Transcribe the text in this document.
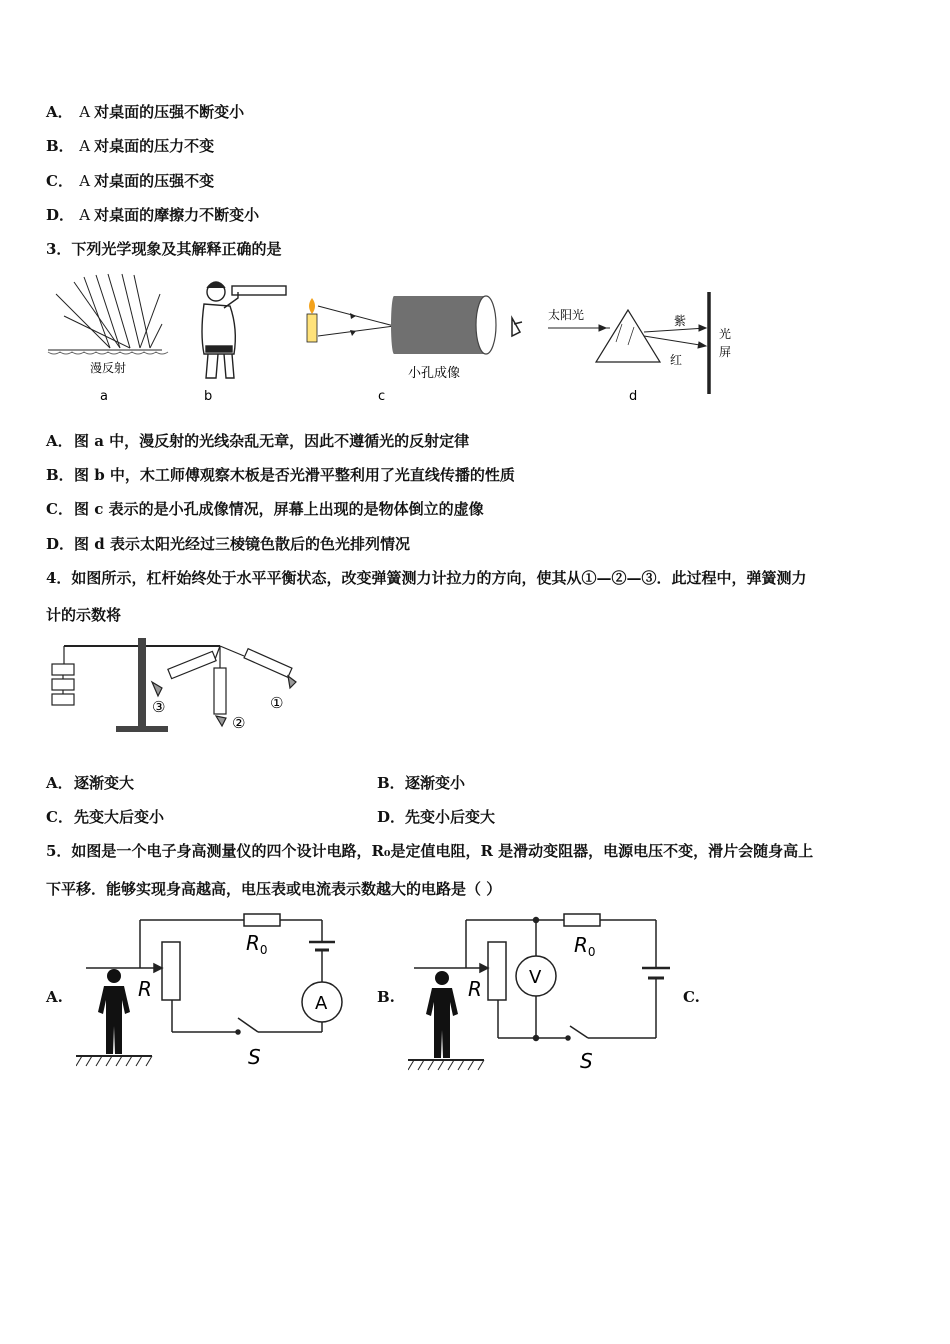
A． A 对桌面的压强不断变小
B． A 对桌面的压力不变
C． A 对桌面的压强不变
D． A 对桌面的摩擦力不断变小
3．下列光学现象及其解释正确的是
漫反射
a	b
小孔成像
c
太阳光	紫
红
光
屏
d
A．图 a 中，漫反射的光线杂乱无章，因此不遵循光的反射定律
B．图 b 中，木工师傅观察木板是否光滑平整利用了光直线传播的性质
C．图 c 表示的是小孔成像情况，屏幕上出现的是物体倒立的虚像
D．图 d 表示太阳光经过三棱镜色散后的色光排列情况
4．如图所示，杠杆始终处于水平平衡状态，改变弹簧测力计拉力的方向，使其从①—②—③．此过程中，弹簧测力
计的示数将
③
②
①
A．逐渐变大	B．逐渐变小
C．先变大后变小	D．先变小后变大
5．如图是一个电子身高测量仪的四个设计电路，R₀是定值电阻，R 是滑动变阻器，电源电压不变，滑片会随身高上
下平移．能够实现身高越高，电压表或电流表示数越大的电路是（ ）
A.	B.	C.
R
$R_0$
A
S
R
$R_0$
V
S
